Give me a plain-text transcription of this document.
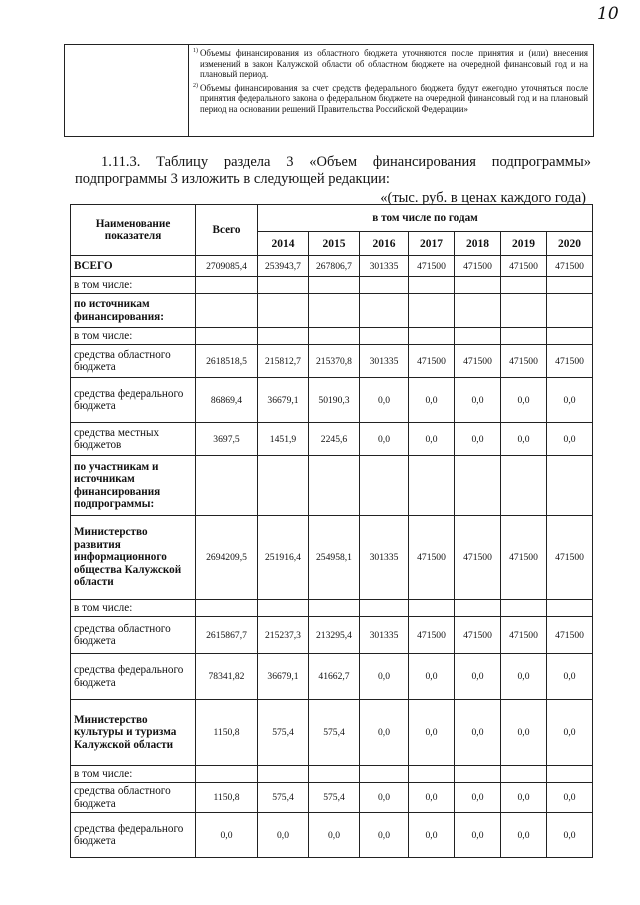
10

1) Объемы финансирования из областного бюджета уточняются после принятия и (или) внесения изменений в закон Калужской области об областном бюджете на очередной финансовый год и на плановый период.
2) Объемы финансирования за счет средств федерального бюджета будут ежегодно уточняться после принятия федерального закона о федеральном бюджете на очередной финансовый год и на плановый период на основании решений Правительства Российской Федерации»
1.11.3. Таблицу раздела 3 «Объем финансирования подпрограммы»
подпрограммы 3 изложить в следующей редакции:
«(тыс. руб. в ценах каждого года)
Наименование показателя	Всего	в том числе по годам						
		2014	2015	2016	2017	2018	2019	2020
ВСЕГО	2709085,4	253943,7	267806,7	301335	471500	471500	471500	471500
в том числе:								
по источникам финансирования:								
в том числе:								
средства областного бюджета	2618518,5	215812,7	215370,8	301335	471500	471500	471500	471500
средства федерального бюджета	86869,4	36679,1	50190,3	0,0	0,0	0,0	0,0	0,0
средства местных бюджетов	3697,5	1451,9	2245,6	0,0	0,0	0,0	0,0	0,0
по участникам и источникам финансирования подпрограммы:								
Министерство развития информационного общества Калужской области	2694209,5	251916,4	254958,1	301335	471500	471500	471500	471500
в том числе:								
средства областного бюджета	2615867,7	215237,3	213295,4	301335	471500	471500	471500	471500
средства федерального бюджета	78341,82	36679,1	41662,7	0,0	0,0	0,0	0,0	0,0
Министерство культуры и туризма Калужской области	1150,8	575,4	575,4	0,0	0,0	0,0	0,0	0,0
в том числе:								
средства областного бюджета	1150,8	575,4	575,4	0,0	0,0	0,0	0,0	0,0
средства федерального бюджета	0,0	0,0	0,0	0,0	0,0	0,0	0,0	0,0
